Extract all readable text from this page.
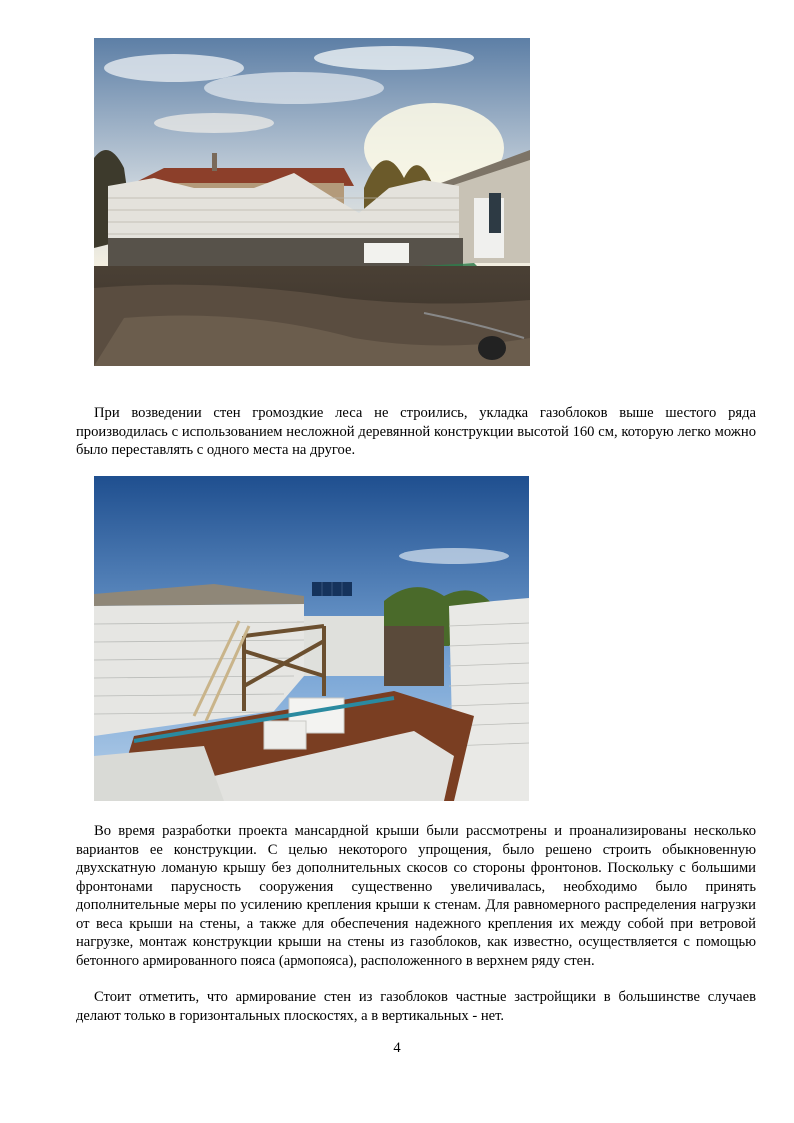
При возведении стен громоздкие леса не строились, укладка газоблоков выше шестого ряда производилась с использованием несложной деревянной конструкции высотой 160 см, которую легко можно было переставлять с одного места на другое.
Во время разработки проекта мансардной крыши были рассмотрены и проанализированы несколько вариантов ее конструкции. С целью некоторого упрощения, было решено строить обыкновенную двухскатную ломаную крышу без дополнительных скосов со стороны фронтонов. Поскольку с большими фронтонами парусность сооружения существенно увеличивалась, необходимо было принять дополнительные меры по усилению крепления крыши к стенам. Для равномерного распределения нагрузки от веса крыши на стены, а также для обеспечения надежного крепления их между собой при ветровой нагрузке, монтаж конструкции крыши на стены из газоблоков, как известно, осуществляется с помощью бетонного армированного пояса (армопояса), расположенного в верхнем ряду стен.
Стоит отметить, что армирование стен из газоблоков частные застройщики в большинстве случаев делают только в горизонтальных плоскостях, а в вертикальных - нет.
4
